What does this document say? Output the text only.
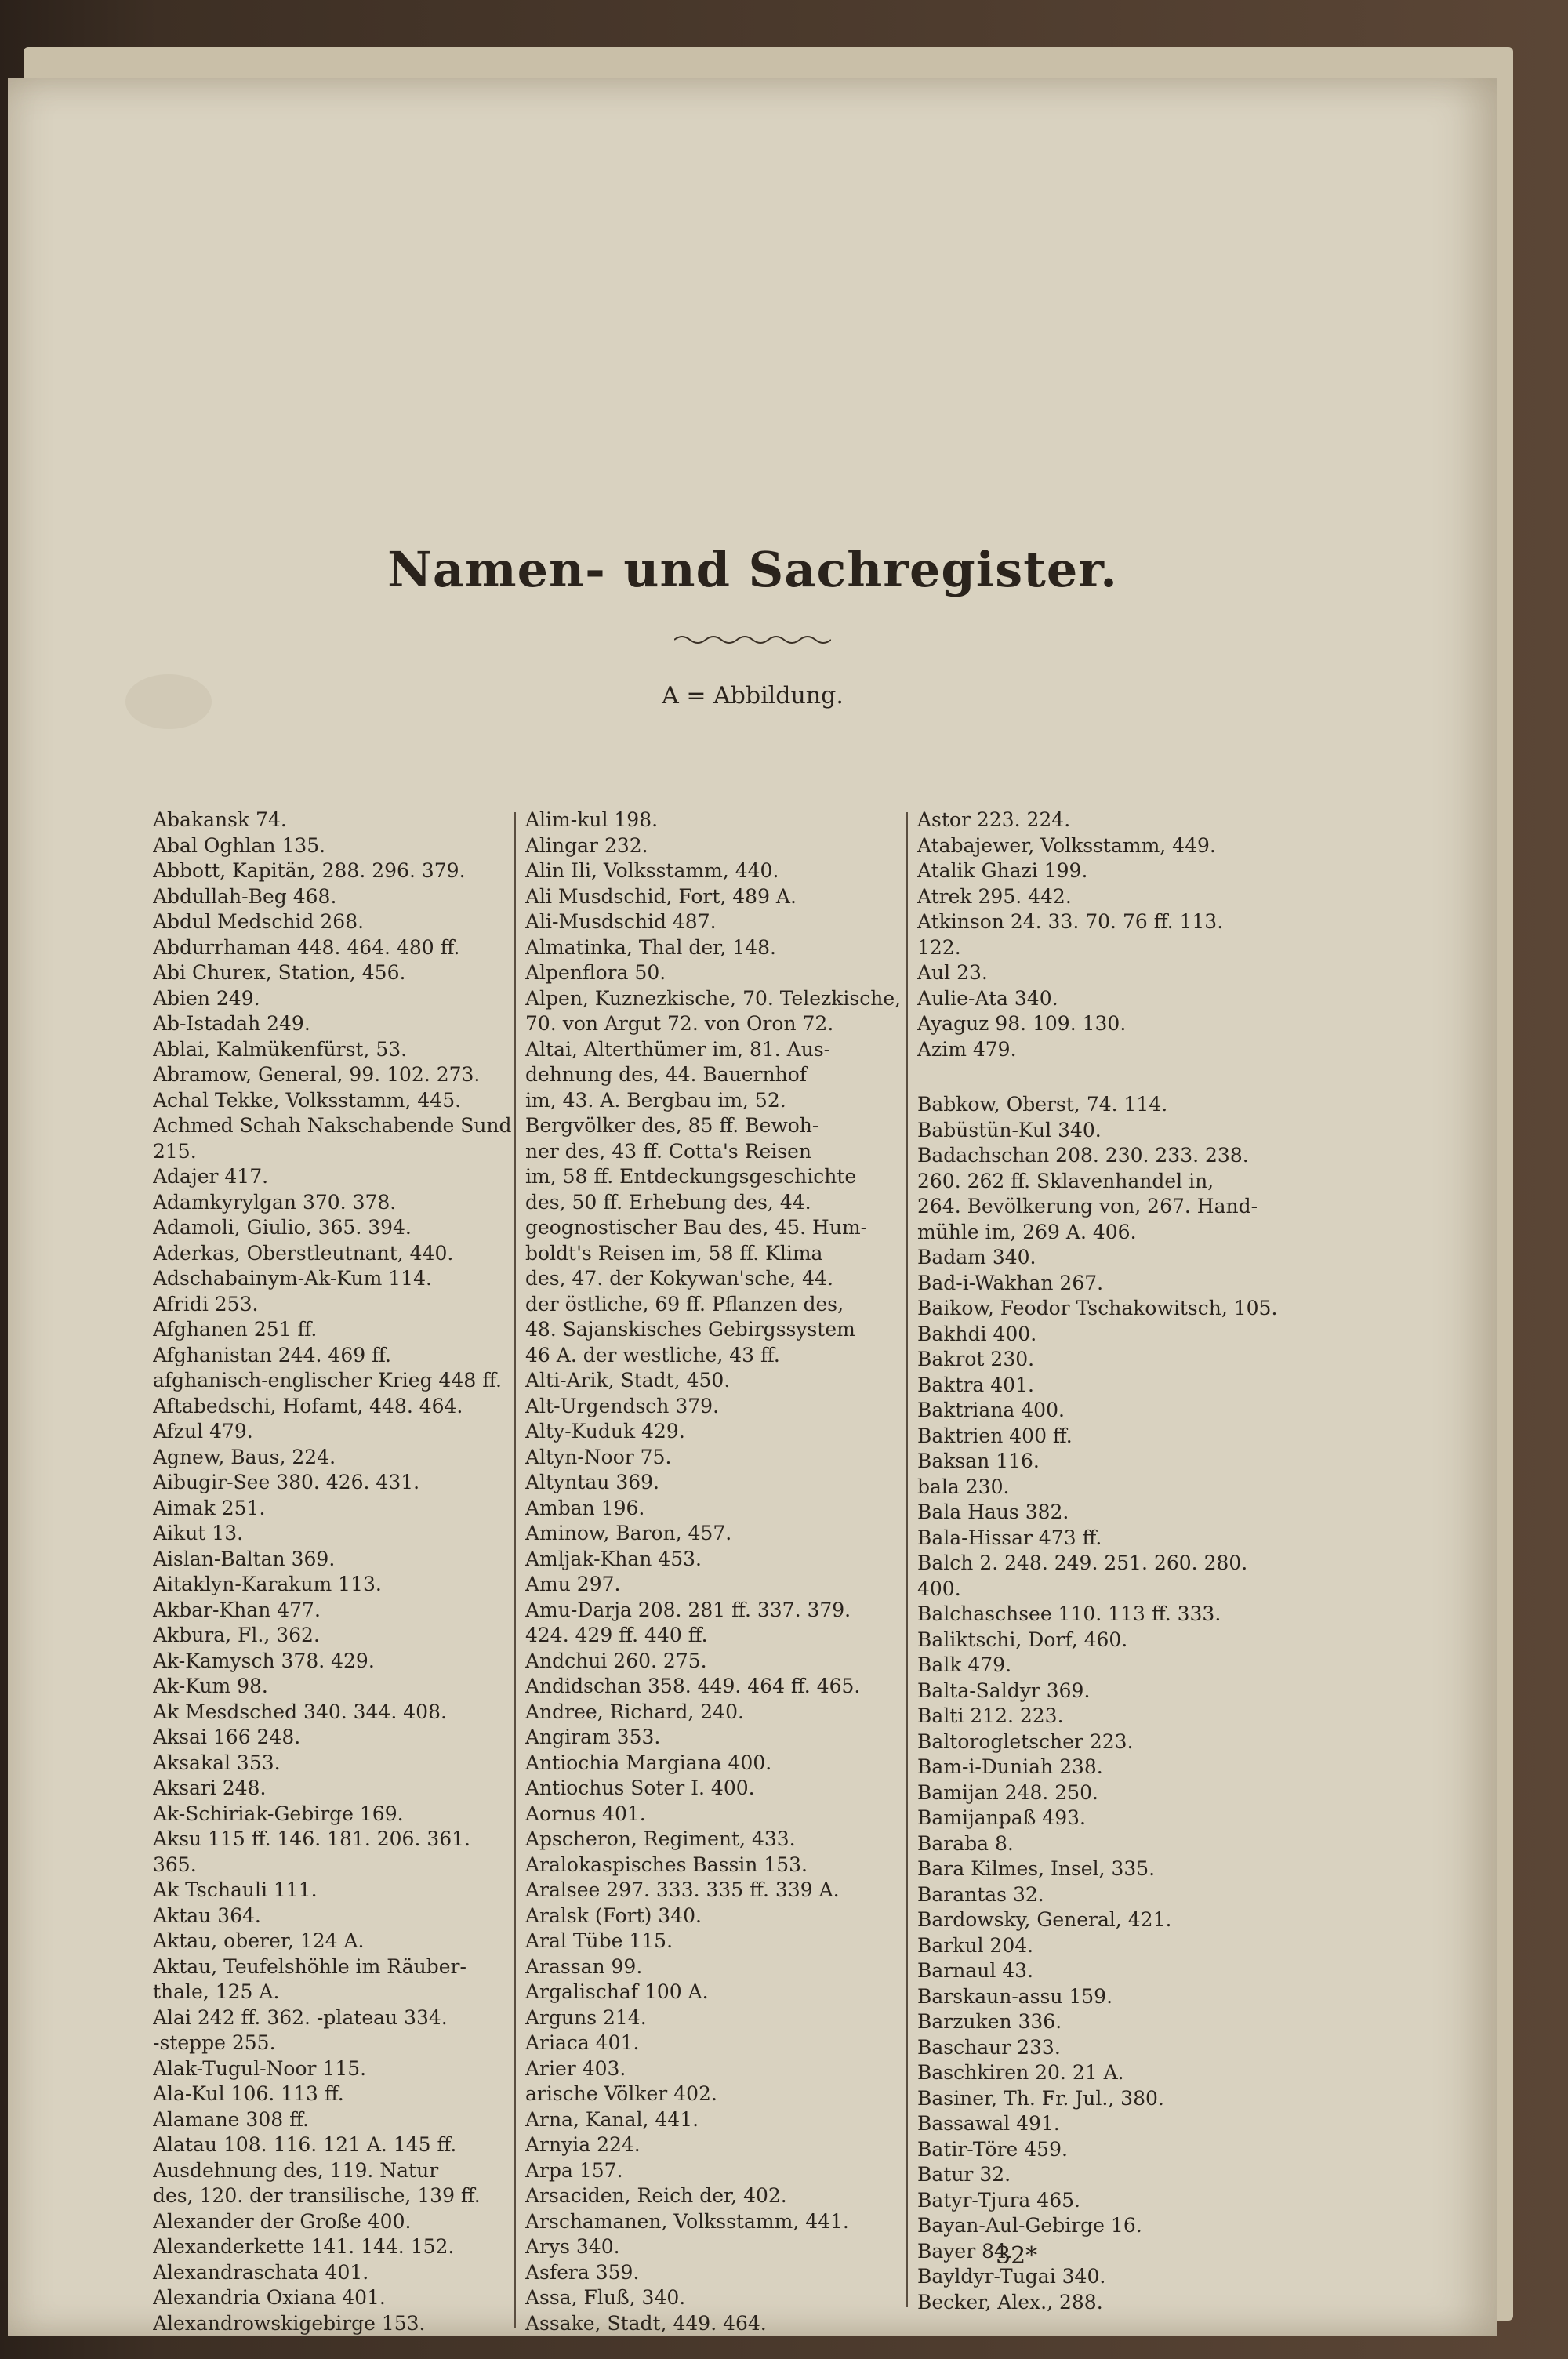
Namen- und Sachregister.
A = Abbildung.
Abakansk 74.
Abal Oghlan 135.
Abbott, Kapitän, 288. 296. 379.
Abdullah-Beg 468.
Abdul Medschid 268.
Abdurrhaman 448. 464. 480 ff.
Abi Chureк, Station, 456.
Abien 249.
Ab-Istadah 249.
Ablai, Kalmükenfürst, 53.
Abramow, General, 99. 102. 273.
Achal Tekke, Volksstamm, 445.
Achmed Schah Nakschabende Sund
215.
Adajer 417.
Adamkyrylgan 370. 378.
Adamoli, Giulio, 365. 394.
Aderkas, Oberstleutnant, 440.
Adschabainym-Ak-Kum 114.
Afridi 253.
Afghanen 251 ff.
Afghanistan 244. 469 ff.
afghanisch-englischer Krieg 448 ff.
Aftabedschi, Hofamt, 448. 464.
Afzul 479.
Agnew, Baus, 224.
Aibugir-See 380. 426. 431.
Aimak 251.
Aikut 13.
Aislan-Baltan 369.
Aitaklyn-Karakum 113.
Akbar-Khan 477.
Akbura, Fl., 362.
Ak-Kamysch 378. 429.
Ak-Kum 98.
Ak Mesdsched 340. 344. 408.
Aksai 166 248.
Aksakal 353.
Aksari 248.
Ak-Schiriak-Gebirge 169.
Aksu 115 ff. 146. 181. 206. 361.
365.
Ak Tschauli 111.
Aktau 364.
Aktau, oberer, 124 A.
Aktau, Teufelshöhle im Räuber-
thale, 125 A.
Alai 242 ff. 362. -plateau 334.
-steppe 255.
Alak-Tugul-Noor 115.
Ala-Kul 106. 113 ff.
Alamane 308 ff.
Alatau 108. 116. 121 A. 145 ff.
Ausdehnung des, 119. Natur
des, 120. der transilische, 139 ff.
Alexander der Große 400.
Alexanderkette 141. 144. 152.
Alexandraschata 401.
Alexandria Oxiana 401.
Alexandrowskigebirge 153.
Alim-kul 198.
Alingar 232.
Alin Ili, Volksstamm, 440.
Ali Musdschid, Fort, 489 A.
Ali-Musdschid 487.
Almatinka, Thal der, 148.
Alpenflora 50.
Alpen, Kuznezkische, 70. Telezkische,
70. von Argut 72. von Oron 72.
Altai, Alterthümer im, 81. Aus-
dehnung des, 44. Bauernhof
im, 43. A. Bergbau im, 52.
Bergvölker des, 85 ff. Bewoh-
ner des, 43 ff. Cotta's Reisen
im, 58 ff. Entdeckungsgeschichte
des, 50 ff. Erhebung des, 44.
geognostischer Bau des, 45. Hum-
boldt's Reisen im, 58 ff. Klima
des, 47. der Kokywan'sche, 44.
der östliche, 69 ff. Pflanzen des,
48. Sajanskisches Gebirgssystem
46 A. der westliche, 43 ff.
Alti-Arik, Stadt, 450.
Alt-Urgendsch 379.
Alty-Kuduk 429.
Altyn-Noor 75.
Altyntau 369.
Amban 196.
Aminow, Baron, 457.
Amljak-Khan 453.
Amu 297.
Amu-Darja 208. 281 ff. 337. 379.
424. 429 ff. 440 ff.
Andchui 260. 275.
Andidschan 358. 449. 464 ff. 465.
Andree, Richard, 240.
Angiram 353.
Antiochia Margiana 400.
Antiochus Soter I. 400.
Aornus 401.
Apscheron, Regiment, 433.
Aralokaspisches Bassin 153.
Aralsee 297. 333. 335 ff. 339 A.
Aralsk (Fort) 340.
Aral Tübe 115.
Arassan 99.
Argalischaf 100 A.
Arguns 214.
Ariaca 401.
Arier 403.
arische Völker 402.
Arna, Kanal, 441.
Arnyia 224.
Arpa 157.
Arsaciden, Reich der, 402.
Arschamanen, Volksstamm, 441.
Arys 340.
Asfera 359.
Assa, Fluß, 340.
Assake, Stadt, 449. 464.
Astor 223. 224.
Atabajewer, Volksstamm, 449.
Atalik Ghazi 199.
Atrek 295. 442.
Atkinson 24. 33. 70. 76 ff. 113.
122.
Aul 23.
Aulie-Ata 340.
Ayaguz 98. 109. 130.
Azim 479.
Babkow, Oberst, 74. 114.
Babüstün-Kul 340.
Badachschan 208. 230. 233. 238.
260. 262 ff. Sklavenhandel in,
264. Bevölkerung von, 267. Hand-
mühle im, 269 A. 406.
Badam 340.
Bad-i-Wakhan 267.
Baikow, Feodor Tschakowitsch, 105.
Bakhdi 400.
Bakrot 230.
Baktra 401.
Baktriana 400.
Baktrien 400 ff.
Baksan 116.
bala 230.
Bala Haus 382.
Bala-Hissar 473 ff.
Balch 2. 248. 249. 251. 260. 280.
400.
Balchaschsee 110. 113 ff. 333.
Baliktschi, Dorf, 460.
Balk 479.
Balta-Saldyr 369.
Balti 212. 223.
Baltorogletscher 223.
Bam-i-Duniah 238.
Bamijan 248. 250.
Bamijanpaß 493.
Baraba 8.
Bara Kilmes, Insel, 335.
Barantas 32.
Bardowsky, General, 421.
Barkul 204.
Barnaul 43.
Barskaun-assu 159.
Barzuken 336.
Baschaur 233.
Baschkiren 20. 21 A.
Basiner, Th. Fr. Jul., 380.
Bassawal 491.
Batir-Töre 459.
Batur 32.
Batyr-Tjura 465.
Bayan-Aul-Gebirge 16.
Bayer 84.
Bayldyr-Tugai 340.
Becker, Alex., 288.
32*
